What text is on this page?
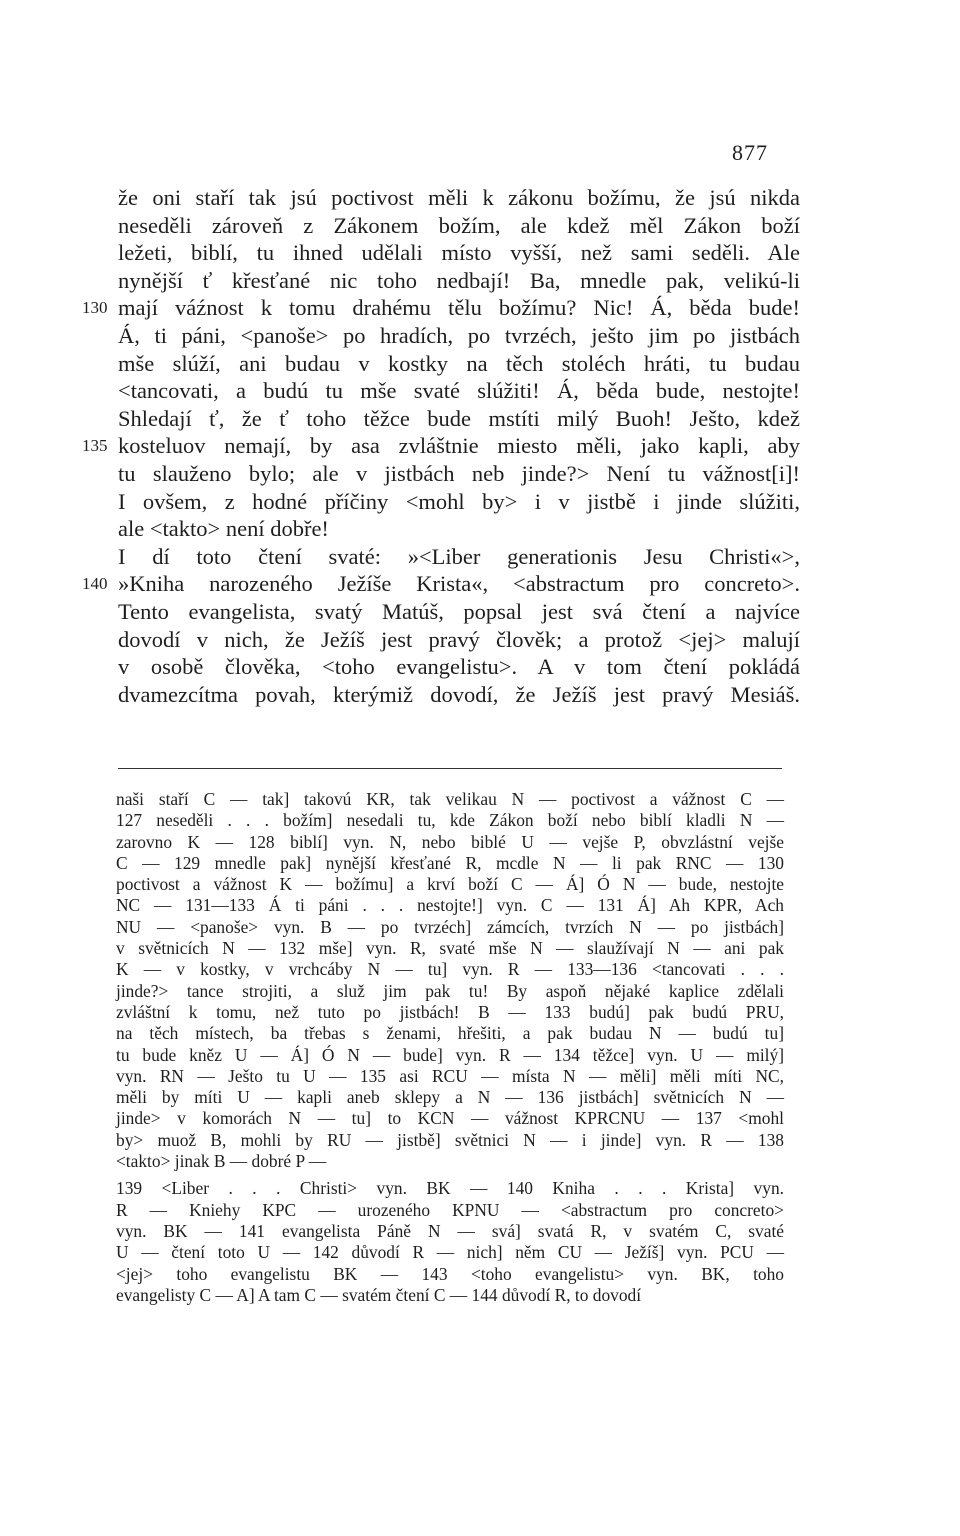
877
že oni staří tak jsú poctivost měli k zákonu božímu, že jsú nikda
neseděli zároveň z Zákonem božím, ale kdež měl Zákon boží
ležeti, biblí, tu ihned udělali místo vyšší, než sami seděli. Ale
nynější ť křesťané nic toho nedbají! Ba, mnedle pak, velikú-li
130 mají váźnost k tomu drahému tělu božímu? Nic! Á, běda bude!
Á, ti páni, <panoše> po hradích, po tvrzéch, ješto jim po jistbách
mše slúží, ani budau v kostky na těch stoléch hráti, tu budau
<tancovati, a budú tu mše svaté slúžiti! Á, běda bude, nestojte!
Shledají ť, že ť toho těžce bude mstíti milý Buoh! Ješto, kdež
135 kosteluov nemají, by asa zvláštnie miesto měli, jako kapli, aby
tu slauženo bylo; ale v jistbách neb jinde?> Není tu vážnost[i]!
I ovšem, z hodné příčiny <mohl by> i v jistbě i jinde slúžiti,
ale <takto> není dobře!
I dí toto čtení svaté: »<Liber generationis Jesu Christi«>,
140 »Kniha narozeného Ježíše Krista«, <abstractum pro concreto>.
Tento evangelista, svatý Matúš, popsal jest svá čtení a najvíce
dovodí v nich, že Ježíš jest pravý člověk; a protož <jej> malují
v osobě člověka, <toho evangelistu>. A v tom čtení pokládá
dvamezcítma povah, kterýmiž dovodí, že Ježíš jest pravý Mesiáš.
naši staří C — tak] takovú KR, tak velikau N — poctivost a vážnost C —
127 neseděli . . . božím] nesedali tu, kde Zákon boží nebo biblí kladli N —
zarovno K — 128 biblí] vyn. N, nebo biblé U — vejše P, obvzlástní vejše
C — 129 mnedle pak] nynější křesťané R, mcdle N — li pak RNC — 130
poctivost a vážnost K — božímu] a krví boží C — Á] Ó N — bude, nestojte
NC — 131—133 Á ti páni . . . nestojte!] vyn. C — 131 Á] Ah KPR, Ach
NU — <panoše> vyn. B — po tvrzéch] zámcích, tvrzích N — po jistbách]
v světnicích N — 132 mše] vyn. R, svaté mše N — slaužívají N — ani pak
K — v kostky, v vrchcáby N — tu] vyn. R — 133—136 <tancovati . . .
jinde?> tance strojiti, a služ jim pak tu! By aspoň nějaké kaplice zdělali
zvláštní k tomu, než tuto po jistbách! B — 133 budú] pak budú PRU,
na těch místech, ba třebas s ženami, hřešiti, a pak budau N — budú tu]
tu bude kněz U — Á] Ó N — bude] vyn. R — 134 těžce] vyn. U — milý]
vyn. RN — Ješto tu U — 135 asi RCU — místa N — měli] měli míti NC,
měli by míti U — kapli aneb sklepy a N — 136 jistbách] světnicích N —
jinde> v komorách N — tu] to KCN — vážnost KPRCNU — 137 <mohl
by> muož B, mohli by RU — jistbě] světnici N — i jinde] vyn. R — 138
<takto> jinak B — dobré P —
139 <Liber . . . Christi> vyn. BK — 140 Kniha . . . Krista] vyn.
R — Kniehy KPC — urozeného KPNU — <abstractum pro concreto>
vyn. BK — 141 evangelista Páně N — svá] svatá R, v svatém C, svaté
U — čtení toto U — 142 důvodí R — nich] něm CU — Ježíš] vyn. PCU —
<jej> toho evangelistu BK — 143 <toho evangelistu> vyn. BK, toho
evangelisty C — A] A tam C — svatém čtení C — 144 důvodí R, to dovodí
